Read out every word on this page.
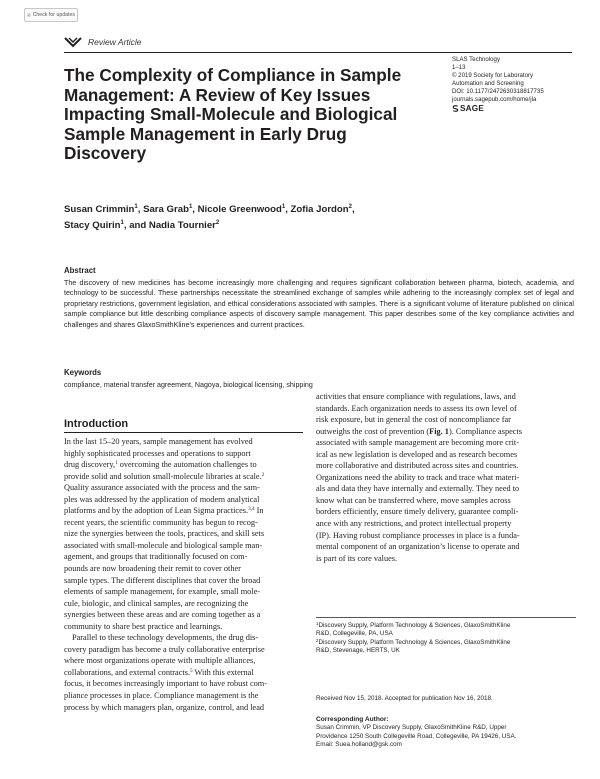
Check for updates
Review Article
The Complexity of Compliance in Sample
Management: A Review of Key Issues
Impacting Small-Molecule and Biological
Sample Management in Early Drug
Discovery
SLAS Technology
1–13
© 2019 Society for Laboratory
Automation and Screening
DOI: 10.1177/2472630318817735
journals.sagepub.com/home/jla
SAGE
Susan Crimmin$^1$, Sara Grab$^1$, Nicole Greenwood$^1$, Zofia Jordon$^2$,
Stacy Quirin$^1$, and Nadia Tournier$^2$
Abstract

The discovery of new medicines has become increasingly more challenging and requires significant collaboration between pharma, biotech, academia, and technology to be successful. These partnerships necessitate the streamlined exchange of samples while adhering to the increasingly complex set of legal and proprietary restrictions, government legislation, and ethical considerations associated with samples. There is a significant volume of literature published on clinical sample compliance but little describing compliance aspects of discovery sample management. This paper describes some of the key compliance activities and challenges and shares GlaxoSmithKline’s experiences and current practices.

Keywords

compliance, material transfer agreement, Nagoya, biological licensing, shipping

Introduction
In the last 15–20 years, sample management has evolved
highly sophisticated processes and operations to support
drug discovery,$^1$ overcoming the automation challenges to
provide solid and solution small-molecule libraries at scale.$^2$
Quality assurance associated with the process and the sam-
ples was addressed by the application of modern analytical
platforms and by the adoption of Lean Sigma practices.$^{3,4}$ In
recent years, the scientific community has begun to recog-
nize the synergies between the tools, practices, and skill sets
associated with small-molecule and biological sample man-
agement, and groups that traditionally focused on com-
pounds are now broadening their remit to cover other
sample types. The different disciplines that cover the broad
elements of sample management, for example, small mole-
cule, biologic, and clinical samples, are recognizing the
synergies between these areas and are coming together as a
community to share best practice and learnings.
Parallel to these technology developments, the drug dis-
covery paradigm has become a truly collaborative enterprise
where most organizations operate with multiple alliances,
collaborations, and external contracts.$^5$ With this external
focus, it becomes increasingly important to have robust com-
pliance processes in place. Compliance management is the
process by which managers plan, organize, control, and lead
activities that ensure compliance with regulations, laws, and
standards. Each organization needs to assess its own level of
risk exposure, but in general the cost of noncompliance far
outweighs the cost of prevention (Fig. 1). Compliance aspects
associated with sample management are becoming more crit-
ical as new legislation is developed and as research becomes
more collaborative and distributed across sites and countries.
Organizations need the ability to track and trace what materi-
als and data they have internally and externally. They need to
know what can be transferred where, move samples across
borders efficiently, ensure timely delivery, guarantee compli-
ance with any restrictions, and protect intellectual property
(IP). Having robust compliance processes in place is a funda-
mental component of an organization’s license to operate and
is part of its core values.
$^1$Discovery Supply, Platform Technology & Sciences, GlaxoSmithKline
R&D, Collegeville, PA, USA
$^2$Discovery Supply, Platform Technology & Sciences, GlaxoSmithKline
R&D, Stevenage, HERTS, UK
Received Nov 15, 2018. Accepted for publication Nov 16, 2018.
Corresponding Author:
Susan Crimmin, VP Discovery Supply, GlaxoSmithKline R&D, Upper
Providence 1250 South Collegeville Road, Collegeville, PA 19426, USA.
Email: Suea.holland@gsk.com
